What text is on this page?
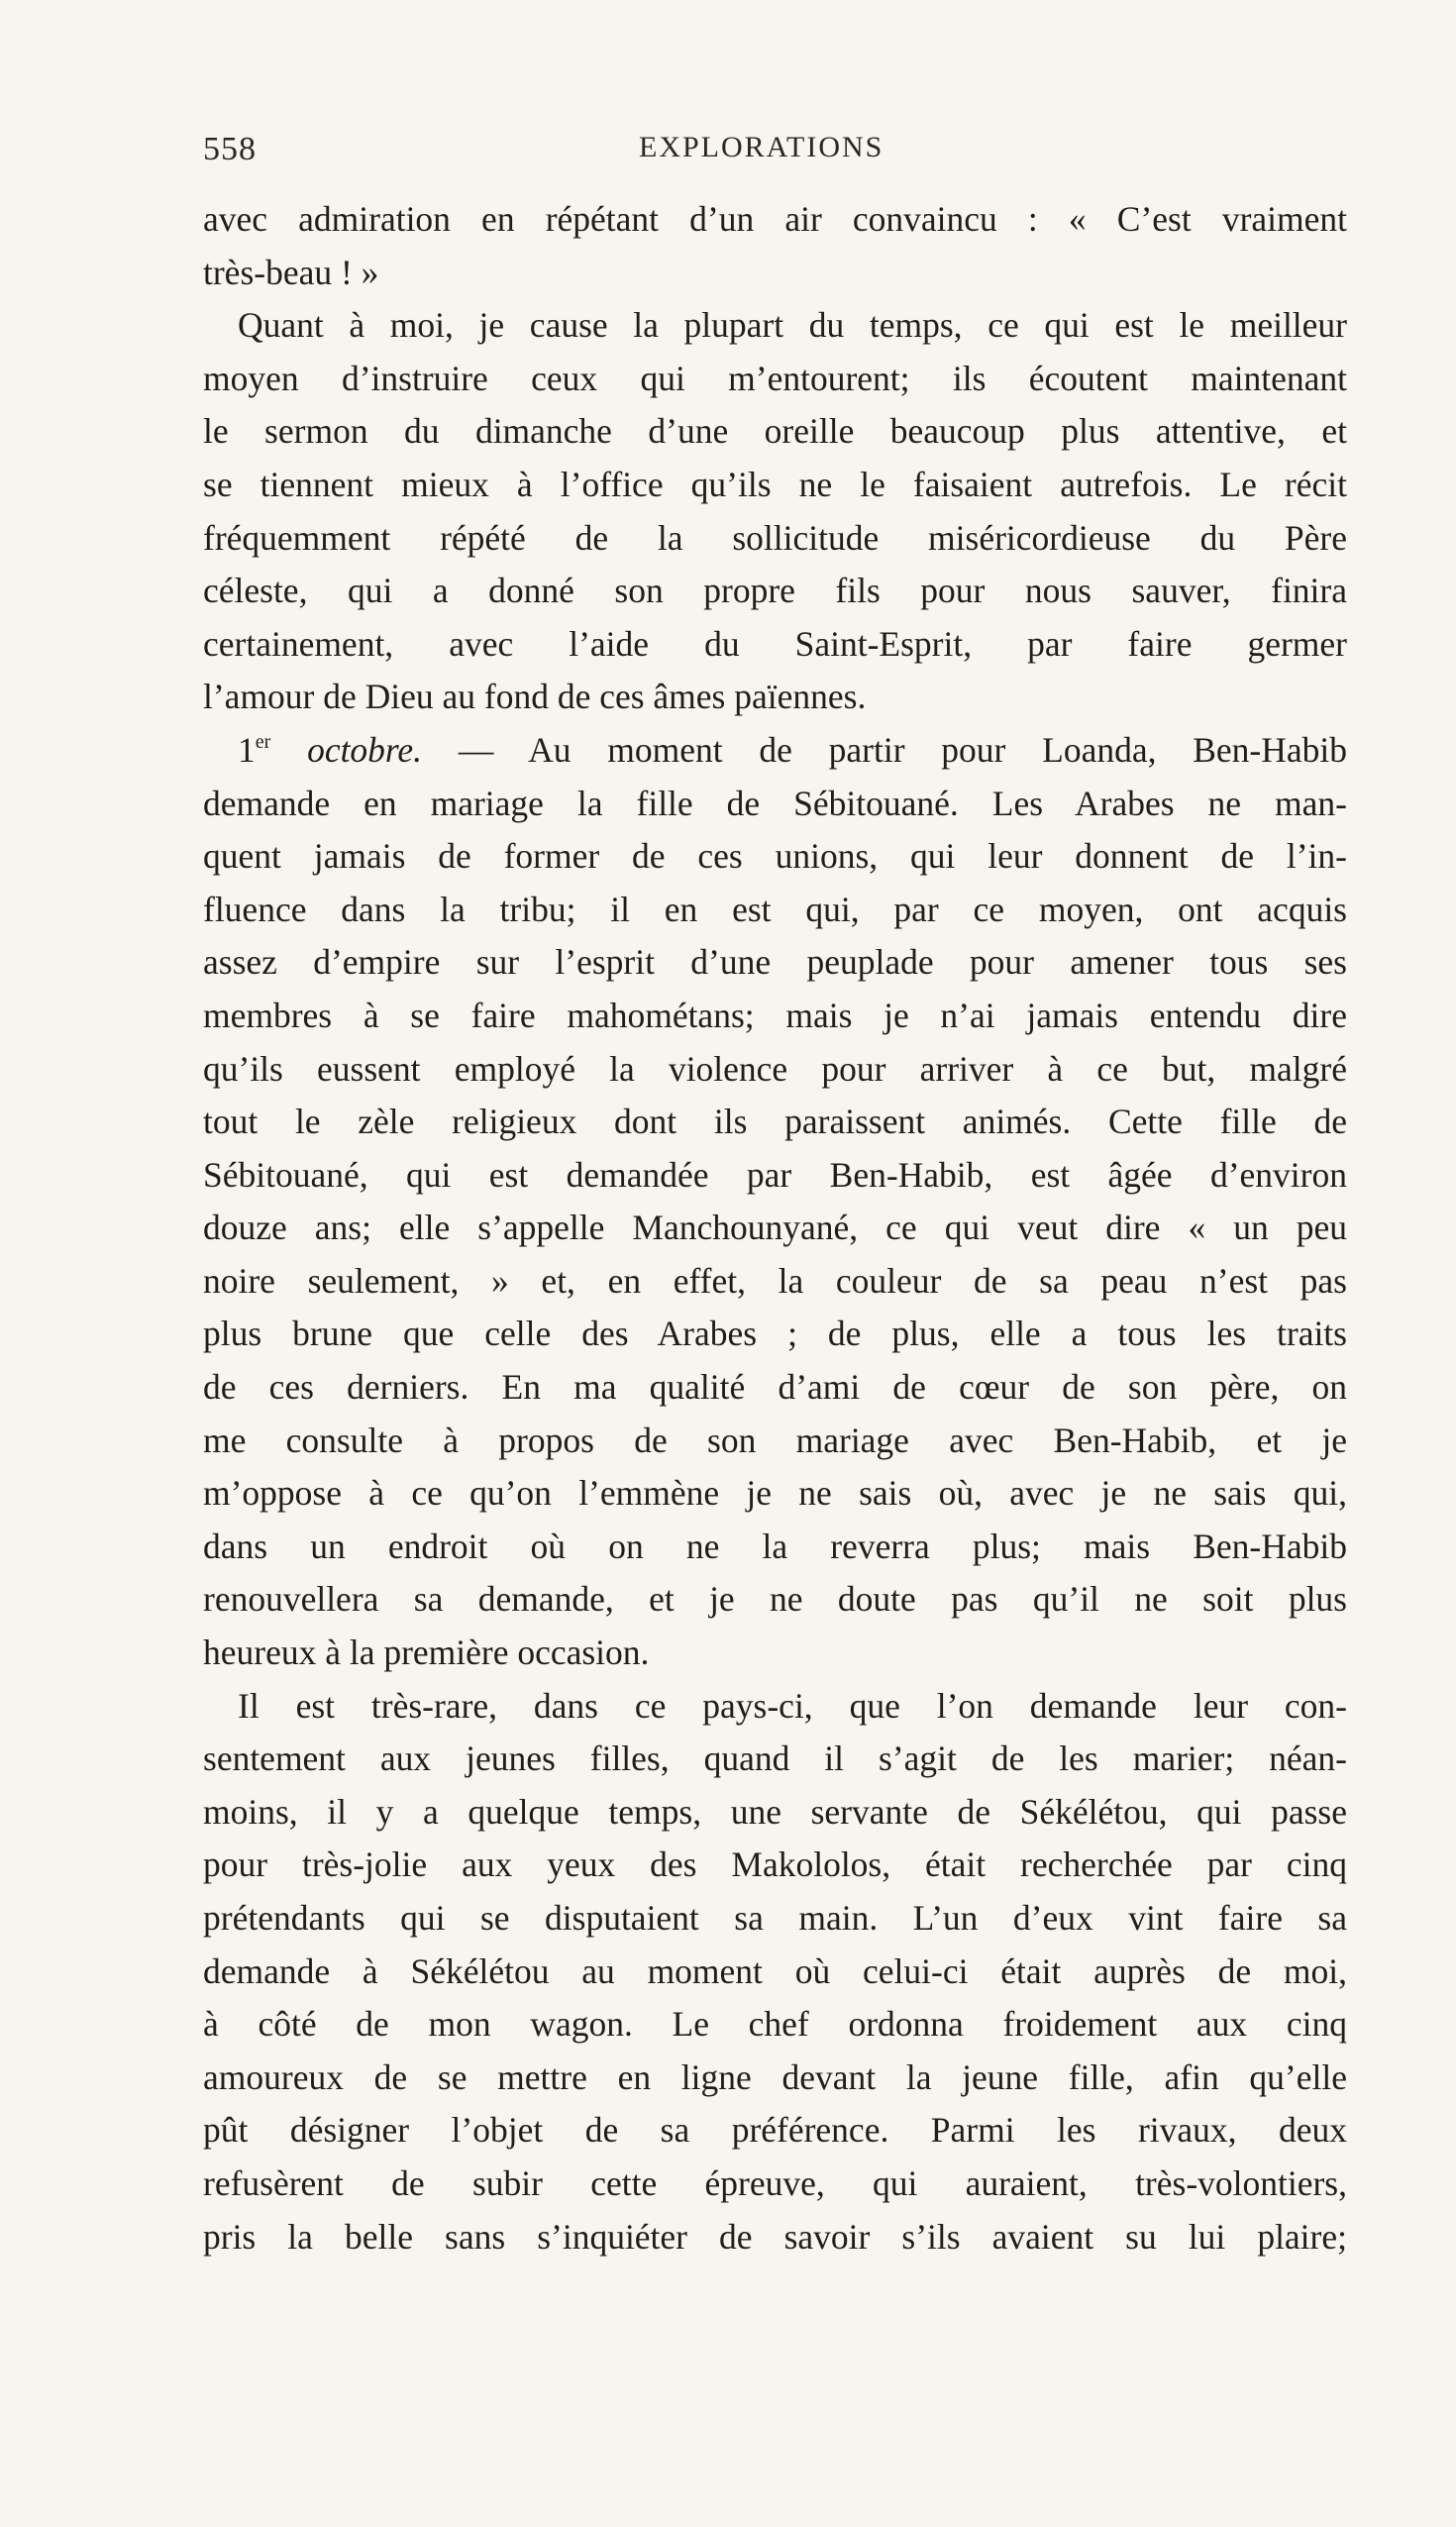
558	EXPLORATIONS
avec admiration en répétant d’un air convaincu : « C’est vraiment
très-beau ! »
Quant à moi, je cause la plupart du temps, ce qui est le meilleur
moyen d’instruire ceux qui m’entourent; ils écoutent maintenant
le sermon du dimanche d’une oreille beaucoup plus attentive, et
se tiennent mieux à l’office qu’ils ne le faisaient autrefois. Le récit
fréquemment répété de la sollicitude miséricordieuse du Père
céleste, qui a donné son propre fils pour nous sauver, finira
certainement, avec l’aide du Saint-Esprit, par faire germer
l’amour de Dieu au fond de ces âmes païennes.
1er octobre. — Au moment de partir pour Loanda, Ben-Habib
demande en mariage la fille de Sébitouané. Les Arabes ne man-
quent jamais de former de ces unions, qui leur donnent de l’in-
fluence dans la tribu; il en est qui, par ce moyen, ont acquis
assez d’empire sur l’esprit d’une peuplade pour amener tous ses
membres à se faire mahométans; mais je n’ai jamais entendu dire
qu’ils eussent employé la violence pour arriver à ce but, malgré
tout le zèle religieux dont ils paraissent animés. Cette fille de
Sébitouané, qui est demandée par Ben-Habib, est âgée d’environ
douze ans; elle s’appelle Manchounyané, ce qui veut dire « un peu
noire seulement, » et, en effet, la couleur de sa peau n’est pas
plus brune que celle des Arabes ; de plus, elle a tous les traits
de ces derniers. En ma qualité d’ami de cœur de son père, on
me consulte à propos de son mariage avec Ben-Habib, et je
m’oppose à ce qu’on l’emmène je ne sais où, avec je ne sais qui,
dans un endroit où on ne la reverra plus; mais Ben-Habib
renouvellera sa demande, et je ne doute pas qu’il ne soit plus
heureux à la première occasion.
Il est très-rare, dans ce pays-ci, que l’on demande leur con-
sentement aux jeunes filles, quand il s’agit de les marier; néan-
moins, il y a quelque temps, une servante de Sékélétou, qui passe
pour très-jolie aux yeux des Makololos, était recherchée par cinq
prétendants qui se disputaient sa main. L’un d’eux vint faire sa
demande à Sékélétou au moment où celui-ci était auprès de moi,
à côté de mon wagon. Le chef ordonna froidement aux cinq
amoureux de se mettre en ligne devant la jeune fille, afin qu’elle
pût désigner l’objet de sa préférence. Parmi les rivaux, deux
refusèrent de subir cette épreuve, qui auraient, très-volontiers,
pris la belle sans s’inquiéter de savoir s’ils avaient su lui plaire;
